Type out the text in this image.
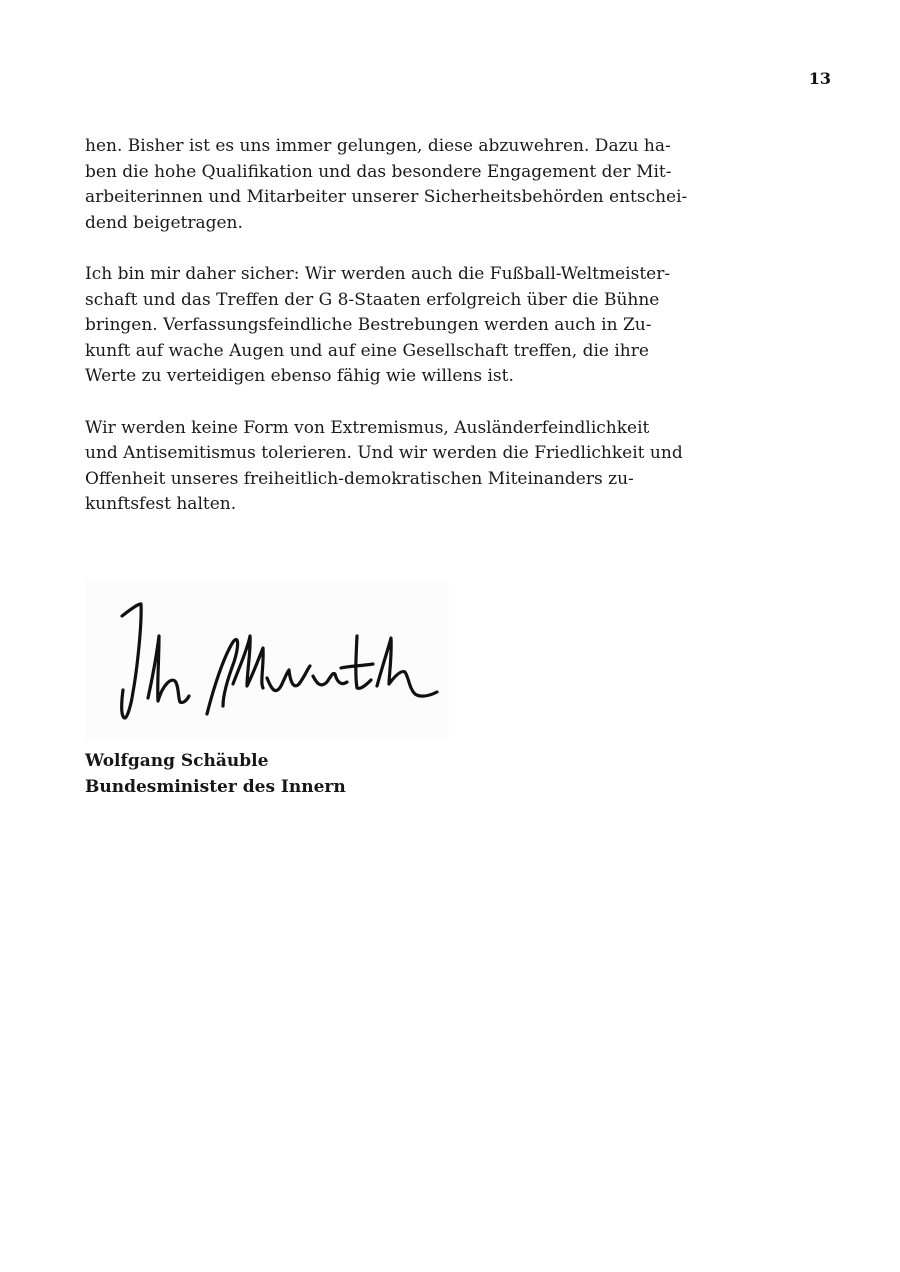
13

hen. Bisher ist es uns immer gelungen, diese abzuwehren. Dazu ha-
ben die hohe Qualifikation und das besondere Engagement der Mit-
arbeiterinnen und Mitarbeiter unserer Sicherheitsbehörden entschei-
dend beigetragen.

Ich bin mir daher sicher: Wir werden auch die Fußball-Weltmeister-
schaft und das Treffen der G 8-Staaten erfolgreich über die Bühne
bringen. Verfassungsfeindliche Bestrebungen werden auch in Zu-
kunft auf wache Augen und auf eine Gesellschaft treffen, die ihre
Werte zu verteidigen ebenso fähig wie willens ist.

Wir werden keine Form von Extremismus, Ausländerfeindlichkeit
und Antisemitismus tolerieren. Und wir werden die Friedlichkeit und
Offenheit unseres freiheitlich-demokratischen Miteinanders zu-
kunftsfest halten.

Wolfgang Schäuble
Bundesminister des Innern
